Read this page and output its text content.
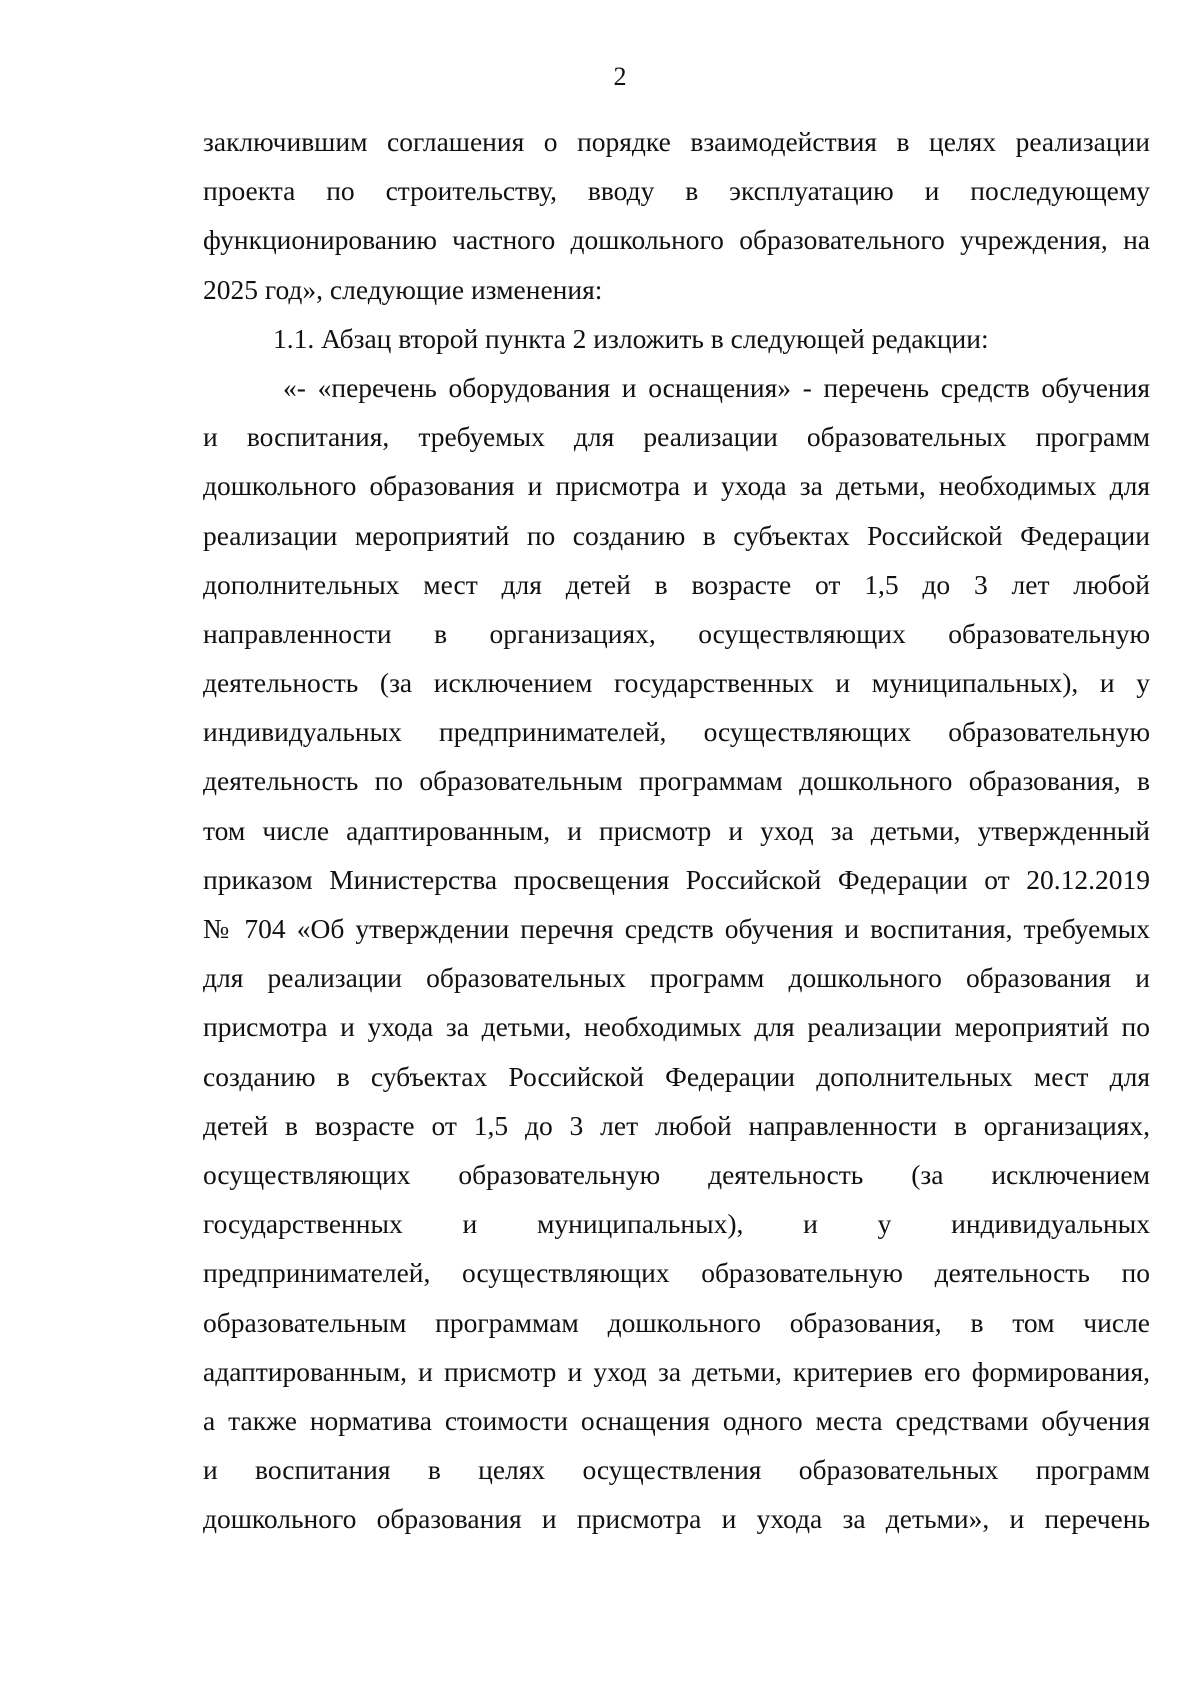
2
заключившим соглашения о порядке взаимодействия в целях реализации
проекта по строительству, вводу в эксплуатацию и последующему
функционированию частного дошкольного образовательного учреждения, на
2025 год», следующие изменения:
1.1. Абзац второй пункта 2 изложить в следующей редакции:
«- «перечень оборудования и оснащения» - перечень средств обучения
и воспитания, требуемых для реализации образовательных программ
дошкольного образования и присмотра и ухода за детьми, необходимых для
реализации мероприятий по созданию в субъектах Российской Федерации
дополнительных мест для детей в возрасте от 1,5 до 3 лет любой
направленности в организациях, осуществляющих образовательную
деятельность (за исключением государственных и муниципальных), и у
индивидуальных предпринимателей, осуществляющих образовательную
деятельность по образовательным программам дошкольного образования, в
том числе адаптированным, и присмотр и уход за детьми, утвержденный
приказом Министерства просвещения Российской Федерации от 20.12.2019
№ 704 «Об утверждении перечня средств обучения и воспитания, требуемых
для реализации образовательных программ дошкольного образования и
присмотра и ухода за детьми, необходимых для реализации мероприятий по
созданию в субъектах Российской Федерации дополнительных мест для
детей в возрасте от 1,5 до 3 лет любой направленности в организациях,
осуществляющих образовательную деятельность (за исключением
государственных и муниципальных), и у индивидуальных
предпринимателей, осуществляющих образовательную деятельность по
образовательным программам дошкольного образования, в том числе
адаптированным, и присмотр и уход за детьми, критериев его формирования,
а также норматива стоимости оснащения одного места средствами обучения
и воспитания в целях осуществления образовательных программ
дошкольного образования и присмотра и ухода за детьми», и перечень
